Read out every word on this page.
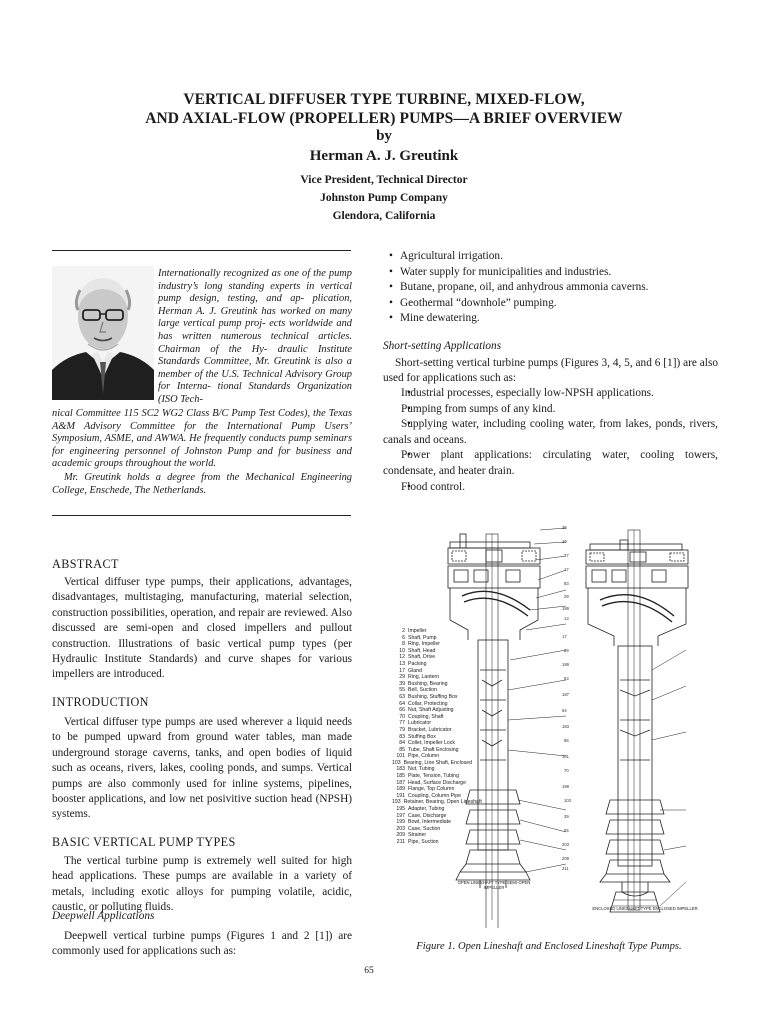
VERTICAL DIFFUSER TYPE TURBINE, MIXED-FLOW,
AND AXIAL-FLOW (PROPELLER) PUMPS—A BRIEF OVERVIEW
by
Herman A. J. Greutink
Vice President, Technical Director
Johnston Pump Company
Glendora, California

Internationally recognized as one of the pump industry’s long standing experts in vertical pump design, testing, and ap- plication, Herman A. J. Greutink has worked on many large vertical pump proj- ects worldwide and has written numerous technical articles. Chairman of the Hy- draulic Institute Standards Committee, Mr. Greutink is also a member of the U.S. Technical Advisory Group for Interna- tional Standards Organization (ISO Tech-

nical Committee 115 SC2 WG2 Class B/C Pump Test Codes), the Texas A&M Advisory Committee for the International Pump Users’ Symposium, ASME, and AWWA. He frequently conducts pump seminars for engineering personnel of Johnston Pump and for business and academic groups throughout the world.

Mr. Greutink holds a degree from the Mechanical Engineering College, Enschede, The Netherlands.

ABSTRACT

Vertical diffuser type pumps, their applications, advantages, disadvantages, multistaging, manufacturing, material selection, construction possibilities, operation, and repair are reviewed. Also discussed are semi-open and closed impellers and pullout construction. Illustrations of basic vertical pump types (per Hydraulic Institute Standards) and curve shapes for various impellers are introduced.

INTRODUCTION

Vertical diffuser type pumps are used wherever a liquid needs to be pumped upward from ground water tables, man made underground storage caverns, tanks, and open bodies of liquid such as oceans, rivers, lakes, cooling ponds, and sumps. Vertical pumps are also commonly used for inline systems, pipelines, booster applications, and low net posivitive suction head (NPSH) systems.

BASIC VERTICAL PUMP TYPES

The vertical turbine pump is extremely well suited for high head applications. These pumps are available in a variety of metals, including exotic alloys for pumping volatile, acidic, caustic, or polluting fluids.

Deepwell Applications

Deepwell vertical turbine pumps (Figures 1 and 2 [1]) are commonly used for applications such as:

• Agricultural irrigation.
• Water supply for municipalities and industries.
• Butane, propane, oil, and anhydrous ammonia caverns.
• Geothermal “downhole” pumping.
• Mine dewatering.
Short-setting Applications

Short-setting vertical turbine pumps (Figures 3, 4, 5, and 6 [1]) are also used for applications such as:

• Industrial processes, especially low-NPSH applications.
• Pumping from sumps of any kind.
• Supplying water, including cooling water, from lakes, ponds, rivers, canals and oceans.
• Power plant applications: circulating water, cooling towers, condensate, and heater drain.
• Flood control.
36
10
77
17
83
29
189
13
17
29
189
63
187
64
183
66
101
70
199
103
39
55
203
209
211
OPEN LINESHAFT TYPE SEMI-OPEN IMPELLER
ENCLOSED LINESHAFT TYPE ENCLOSED IMPELLER
2 Impeller
6 Shaft, Pump
8 Ring, Impeller
10 Shaft, Head
12 Shaft, Drive
13 Packing
17 Gland
29 Ring, Lantern
39 Bushing, Bearing
55 Bell, Suction
63 Bushing, Stuffing Box
64 Collar, Protecting
66 Nut, Shaft Adjusting
70 Coupling, Shaft
77 Lubricator
79 Bracket, Lubricator
83 Stuffing Box
84 Collet, Impeller Lock
85 Tube, Shaft Enclosing
101 Pipe, Column
103 Bearing, Line Shaft, Enclosed
183 Nut, Tubing
185 Plate, Tension, Tubing
187 Head, Surface Discharge
189 Flange, Top Column
191 Coupling, Column Pipe
193 Retainer, Bearing, Open Lineshaft
195 Adapter, Tubing
197 Case, Discharge
199 Bowl, Intermediate
203 Case, Suction
209 Strainer
211 Pipe, Suction
Figure 1. Open Lineshaft and Enclosed Lineshaft Type Pumps.
65
